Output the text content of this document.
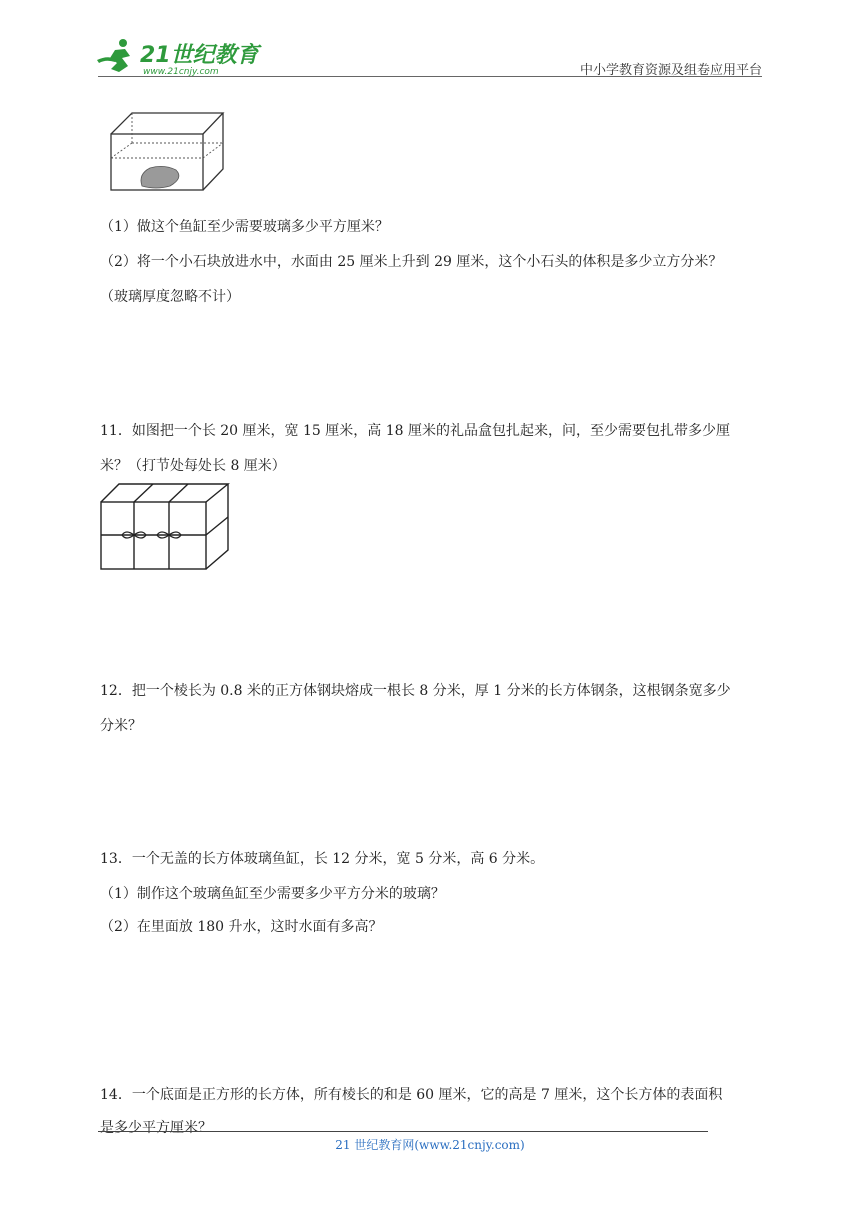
21世纪教育
www.21cnjy.com	中小学教育资源及组卷应用平台
（1）做这个鱼缸至少需要玻璃多少平方厘米？
（2）将一个小石块放进水中，水面由 25 厘米上升到 29 厘米，这个小石头的体积是多少立方分米？
（玻璃厚度忽略不计）
11．如图把一个长 20 厘米，宽 15 厘米，高 18 厘米的礼品盒包扎起来，问，至少需要包扎带多少厘
米？（打节处每处长 8 厘米）
12．把一个棱长为 0.8 米的正方体钢块熔成一根长 8 分米，厚 1 分米的长方体钢条，这根钢条宽多少
分米？
13．一个无盖的长方体玻璃鱼缸，长 12 分米，宽 5 分米，高 6 分米。
（1）制作这个玻璃鱼缸至少需要多少平方分米的玻璃？
（2）在里面放 180 升水，这时水面有多高？
14．一个底面是正方形的长方体，所有棱长的和是 60 厘米，它的高是 7 厘米，这个长方体的表面积
是多少平方厘米？
21 世纪教育网(www.21cnjy.com)
